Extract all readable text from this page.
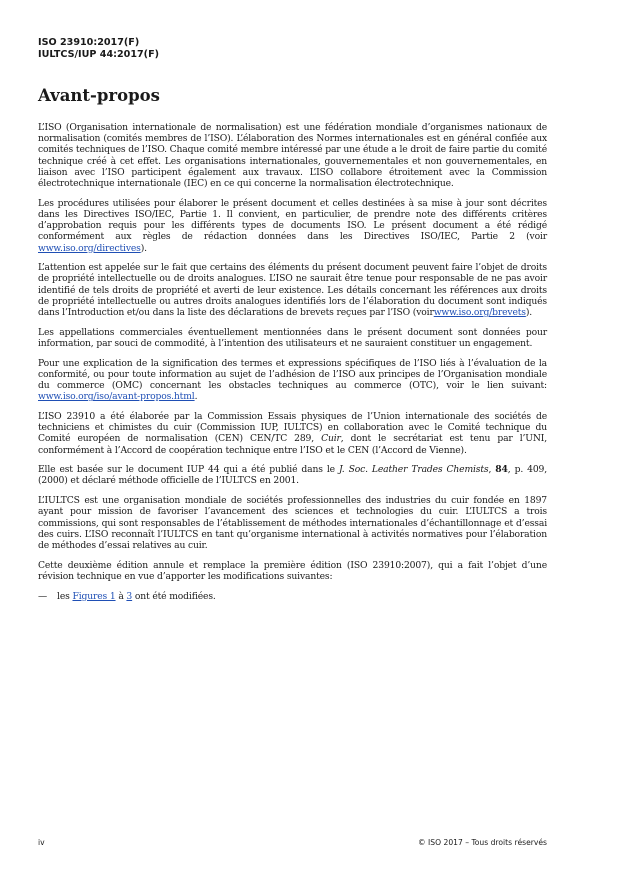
ISO 23910:2017(F)
IULTCS/IUP 44:2017(F)
Avant-propos

L’ISO (Organisation internationale de normalisation) est une fédération mondiale d’organismes nationaux de normalisation (comités membres de l’ISO). L’élaboration des Normes internationales est en général confiée aux comités techniques de l’ISO. Chaque comité membre intéressé par une étude a le droit de faire partie du comité technique créé à cet effet. Les organisations internationales, gouvernementales et non gouvernementales, en liaison avec l’ISO participent également aux travaux. L’ISO collabore étroitement avec la Commission électrotechnique internationale (IEC) en ce qui concerne la normalisation électrotechnique.

Les procédures utilisées pour élaborer le présent document et celles destinées à sa mise à jour sont décrites dans les Directives ISO/IEC, Partie 1. Il convient, en particulier, de prendre note des différents critères d’approbation requis pour les différents types de documents ISO. Le présent document a été rédigé conformément aux règles de rédaction données dans les Directives ISO/IEC, Partie 2 (voir www.iso.org/directives).

L’attention est appelée sur le fait que certains des éléments du présent document peuvent faire l’objet de droits de propriété intellectuelle ou de droits analogues. L’ISO ne saurait être tenue pour responsable de ne pas avoir identifié de tels droits de propriété et averti de leur existence. Les détails concernant les références aux droits de propriété intellectuelle ou autres droits analogues identifiés lors de l’élaboration du document sont indiqués dans l’Introduction et/ou dans la liste des déclarations de brevets reçues par l’ISO (voirwww.iso.org/brevets).

Les appellations commerciales éventuellement mentionnées dans le présent document sont données pour information, par souci de commodité, à l’intention des utilisateurs et ne sauraient constituer un engagement.

Pour une explication de la signification des termes et expressions spécifiques de l’ISO liés à l’évaluation de la conformité, ou pour toute information au sujet de l’adhésion de l’ISO aux principes de l’Organisation mondiale du commerce (OMC) concernant les obstacles techniques au commerce (OTC), voir le lien suivant: www.iso.org/iso/avant-propos.html.

L’ISO 23910 a été élaborée par la Commission Essais physiques de l’Union internationale des sociétés de techniciens et chimistes du cuir (Commission IUP, IULTCS) en collaboration avec le Comité technique du Comité européen de normalisation (CEN) CEN/TC 289, Cuir, dont le secrétariat est tenu par l’UNI, conformément à l’Accord de coopération technique entre l’ISO et le CEN (l’Accord de Vienne).

Elle est basée sur le document IUP 44 qui a été publié dans le J. Soc. Leather Trades Chemists, 84, p. 409, (2000) et déclaré méthode officielle de l’IULTCS en 2001.

L’IULTCS est une organisation mondiale de sociétés professionnelles des industries du cuir fondée en 1897 ayant pour mission de favoriser l’avancement des sciences et technologies du cuir. L’IULTCS a trois commissions, qui sont responsables de l’établissement de méthodes internationales d’échantillonnage et d’essai des cuirs. L’ISO reconnaît l’IULTCS en tant qu’organisme international à activités normatives pour l’élaboration de méthodes d’essai relatives au cuir.

Cette deuxième édition annule et remplace la première édition (ISO 23910:2007), qui a fait l’objet d’une révision technique en vue d’apporter les modifications suivantes:

— les Figures 1 à 3 ont été modifiées.
iv	© ISO 2017 – Tous droits réservés
